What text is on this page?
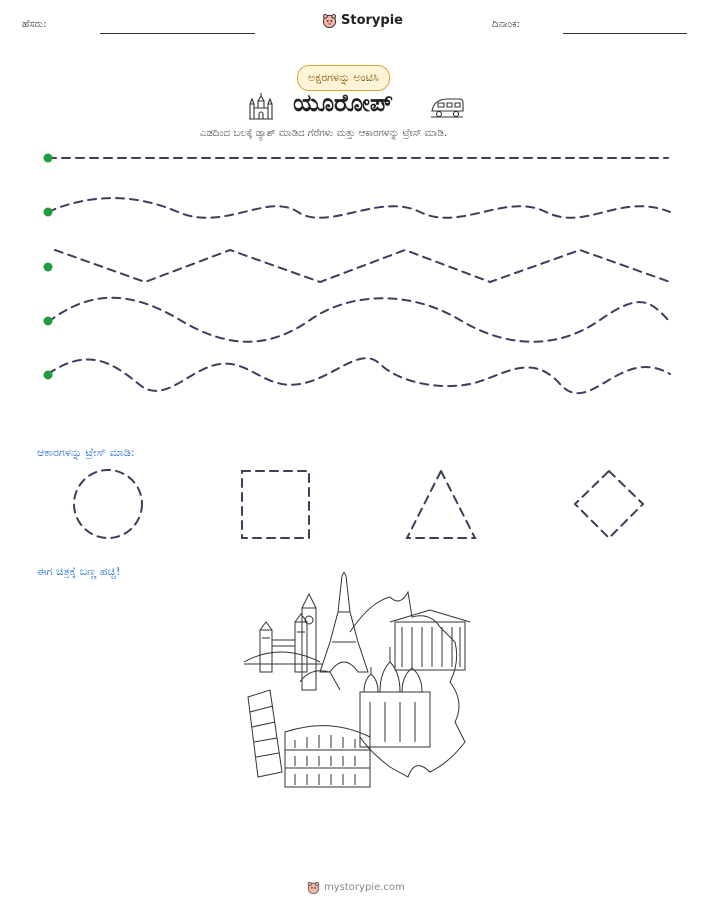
ಹೆಸರು:	Storypie	ದಿನಾಂಕ:
ಅಕ್ಷರಗಳನ್ನು ಅಂಟಿಸಿ
ಯೂರೋಪ್
ಎಡದಿಂದ ಬಲಕ್ಕೆ ಡ್ಯಾಶ್ ಮಾಡಿದ ಗೆರೆಗಳು ಮತ್ತು ಆಕಾರಗಳನ್ನು ಟ್ರೇಸ್ ಮಾಡಿ.
ಆಕಾರಗಳನ್ನು ಟ್ರೇಸ್ ಮಾಡಿ:
ಈಗ ಚಿತ್ರಕ್ಕೆ ಬಣ್ಣ ಹಚ್ಚಿ!
mystorypie.com
